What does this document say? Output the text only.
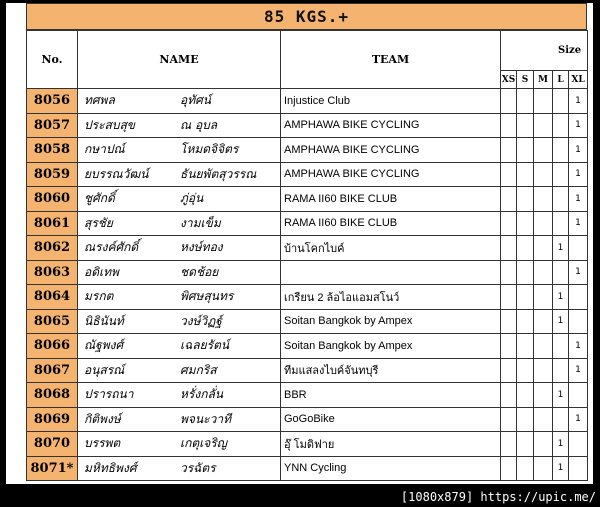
85 KGS.+
No.	NAME	TEAM	Size				
			XS	S	M	L	XL
8056	ทศพล อุทัศน์	Injustice Club					1
8057	ประสบสุข ณ อุบล	AMPHAWA BIKE CYCLING					1
8058	กษาปณ์ โหมดจิจิตร	AMPHAWA BIKE CYCLING					1
8059	ยบรรณวัฒน์ ธันยพัตสุวรรณ	AMPHAWA BIKE CYCLING					1
8060	ชูศักดิ์ ภู่อุ่น	RAMA II60 BIKE CLUB					1
8061	สุรชัย งามเข็ม	RAMA II60 BIKE CLUB					1
8062	ณรงค์ศักดิ์ หงษ์ทอง	บ้านโคกไบค์				1	
8063	อดิเทพ ชดช้อย						1
8064	มรกต พิศษสุนทร	เกรียน 2 ล้อไอแอมสโนว์				1	
8065	นิธินันท์ วงษ์วิฏฐ์	Soitan Bangkok by Ampex				1	
8066	ณัฐพงศ์ เฉลยรัตน์	Soitan Bangkok by Ampex					1
8067	อนุสรณ์ ศมกริส	ทีมแสลงไบค์จันทบุรี					1
8068	ปรารถนา หรั่งกลั่น	BBR				1	
8069	กิติพงษ์ พจนะวาที	GoGoBike					1
8070	บรรพต เกตุเจริญ	อุ๊ โมดิฟาย				1	
8071*	มหิทธิพงศ์ วรฉัตร	YNN Cycling				1	
[1080x879] https://upic.me/
